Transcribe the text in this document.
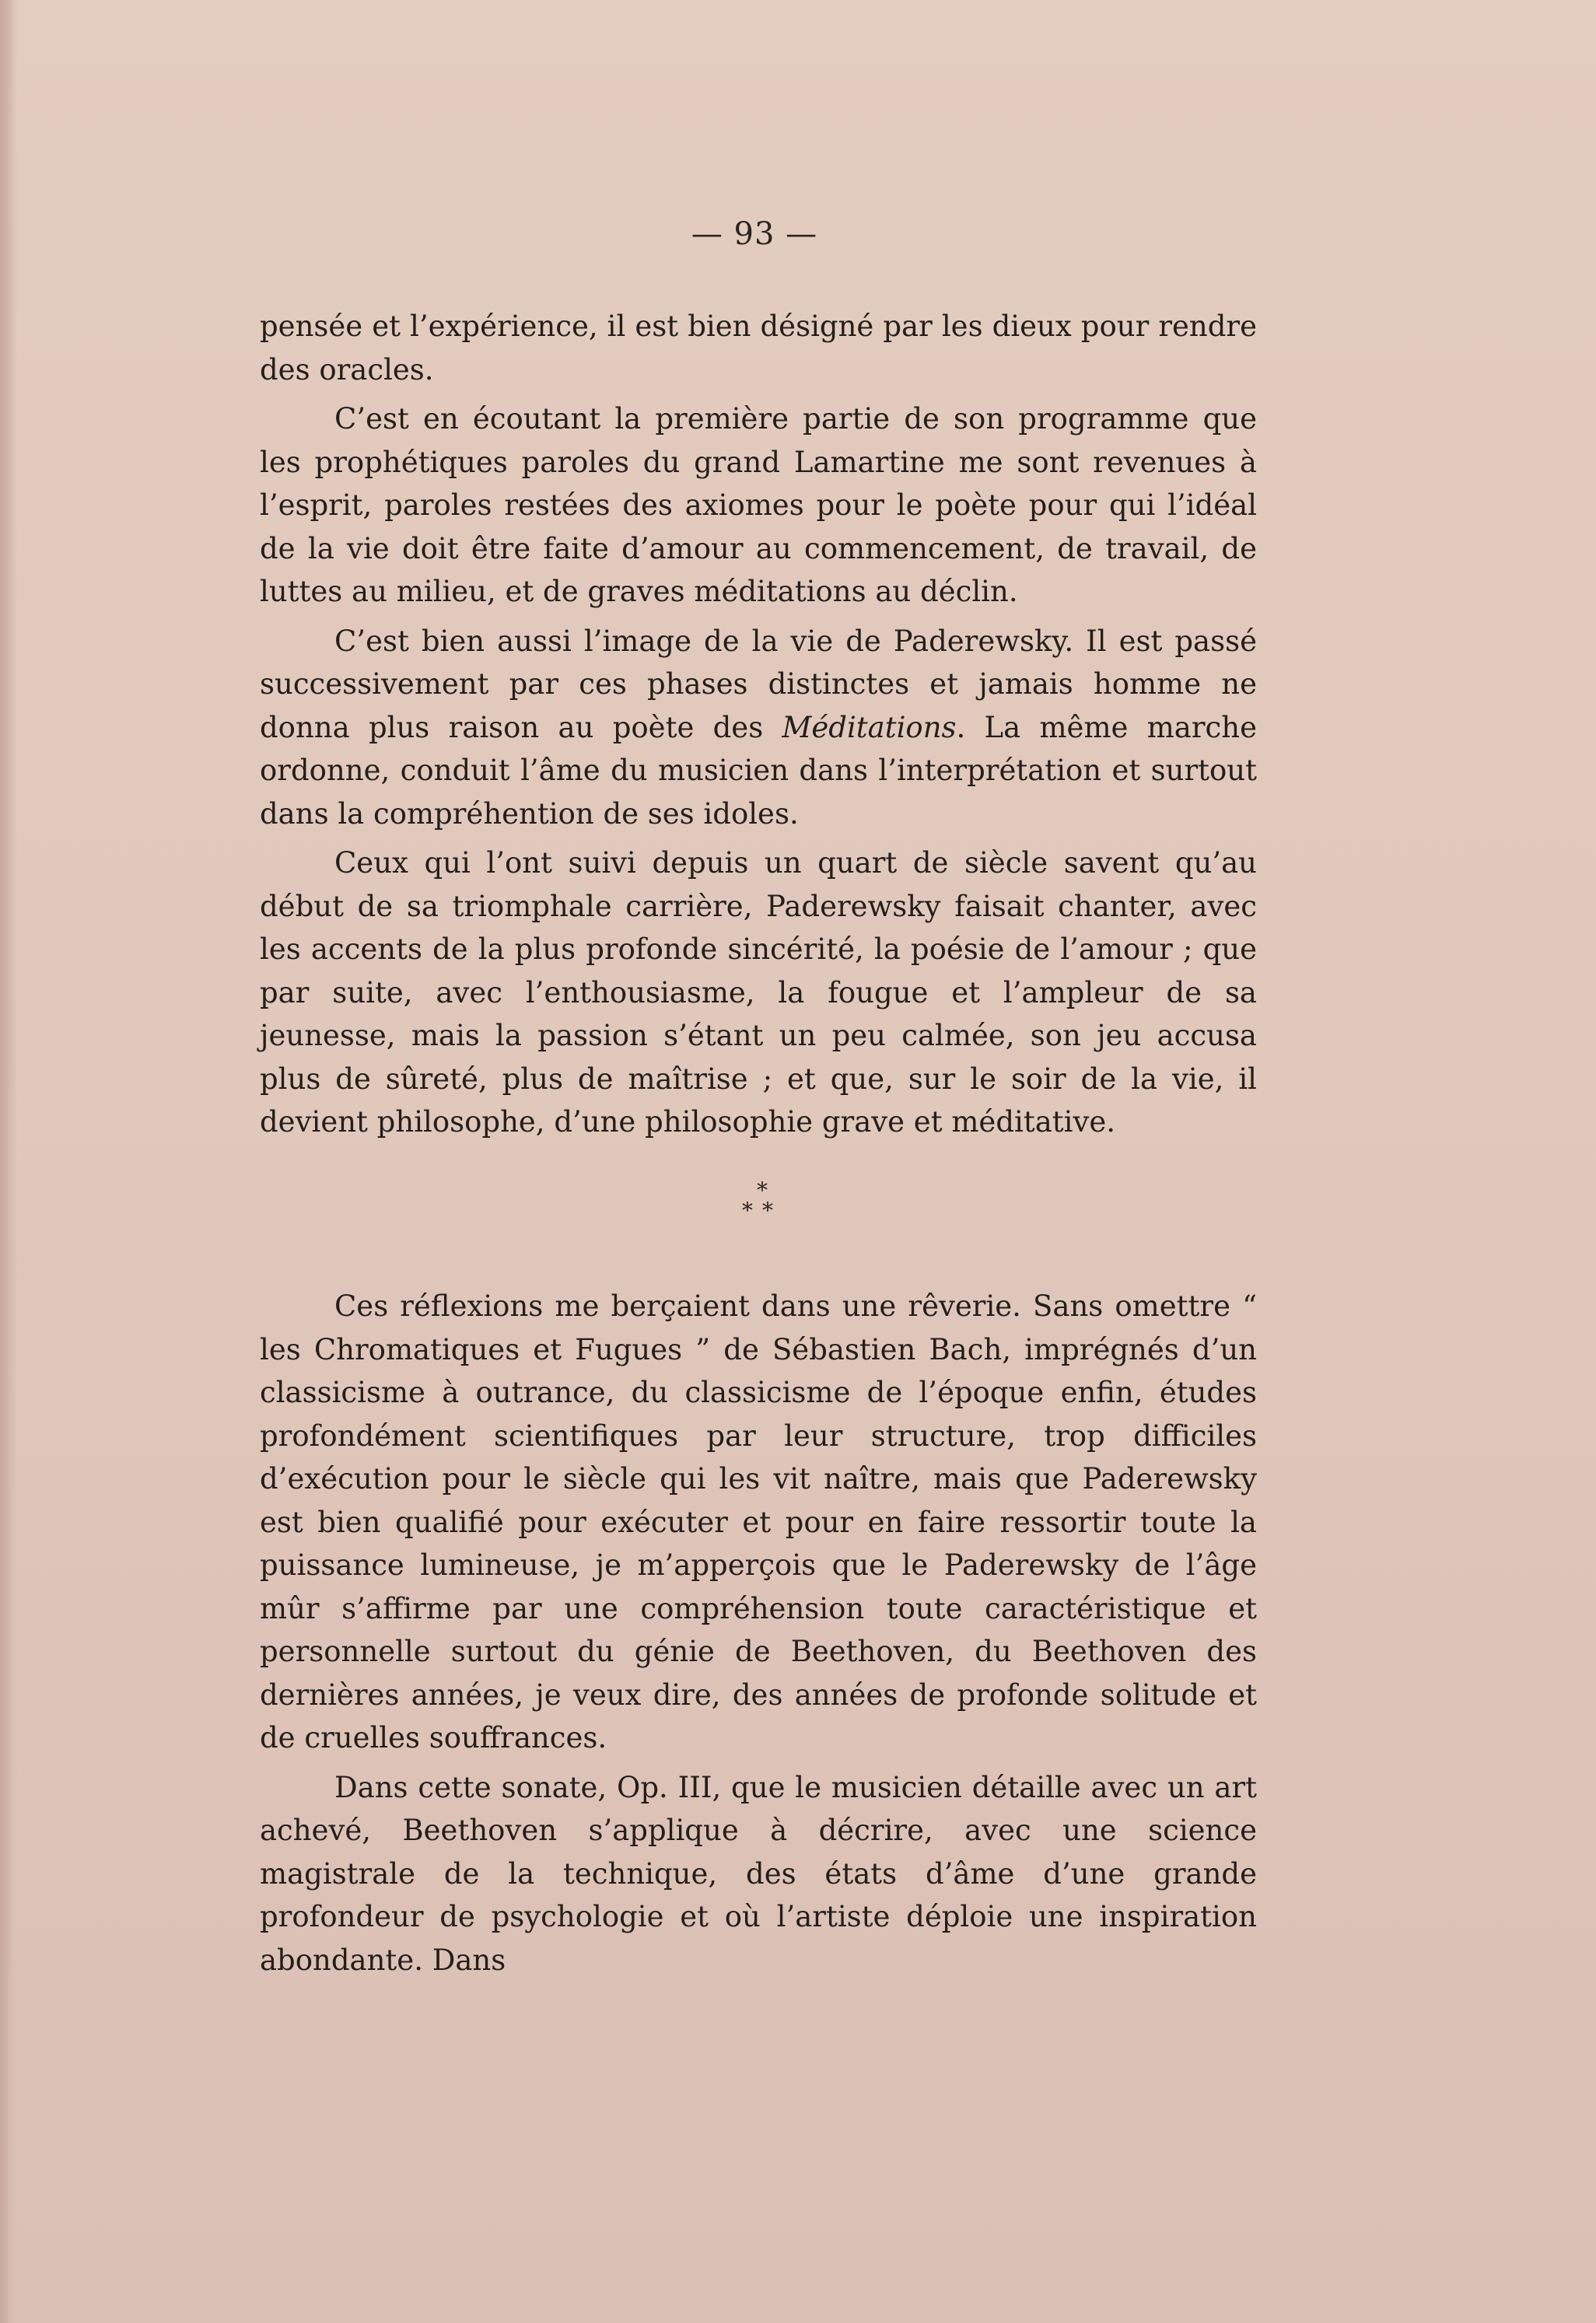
— 93 —

pensée et l’expérience, il est bien désigné par les dieux pour rendre des oracles.

C’est en écoutant la première partie de son programme que les prophétiques paroles du grand Lamartine me sont revenues à l’esprit, paroles restées des axiomes pour le poète pour qui l’idéal de la vie doit être faite d’amour au commencement, de travail, de luttes au milieu, et de graves méditations au déclin.

C’est bien aussi l’image de la vie de Paderewsky. Il est passé successivement par ces phases distinctes et jamais homme ne donna plus raison au poète des Méditations. La même marche ordonne, conduit l’âme du musicien dans l’interprétation et surtout dans la compréhention de ses idoles.

Ceux qui l’ont suivi depuis un quart de siècle savent qu’au début de sa triomphale carrière, Paderewsky faisait chanter, avec les accents de la plus profonde sincérité, la poésie de l’amour ; que par suite, avec l’enthousiasme, la fougue et l’ampleur de sa jeunesse, mais la passion s’étant un peu calmée, son jeu accusa plus de sûreté, plus de maîtrise ; et que, sur le soir de la vie, il devient philosophe, d’une philosophie grave et méditative.

*
**

Ces réflexions me berçaient dans une rêverie. Sans omettre “ les Chromatiques et Fugues ” de Sébastien Bach, imprégnés d’un classicisme à outrance, du classicisme de l’époque enfin, études profondément scientifiques par leur structure, trop difficiles d’exécution pour le siècle qui les vit naître, mais que Paderewsky est bien qualifié pour exécuter et pour en faire ressortir toute la puissance lumineuse, je m’apperçois que le Paderewsky de l’âge mûr s’affirme par une compréhension toute caractéristique et personnelle surtout du génie de Beethoven, du Beethoven des dernières années, je veux dire, des années de profonde solitude et de cruelles souffrances.

Dans cette sonate, Op. III, que le musicien détaille avec un art achevé, Beethoven s’applique à décrire, avec une science magistrale de la technique, des états d’âme d’une grande profondeur de psychologie et où l’artiste déploie une inspiration abondante. Dans
